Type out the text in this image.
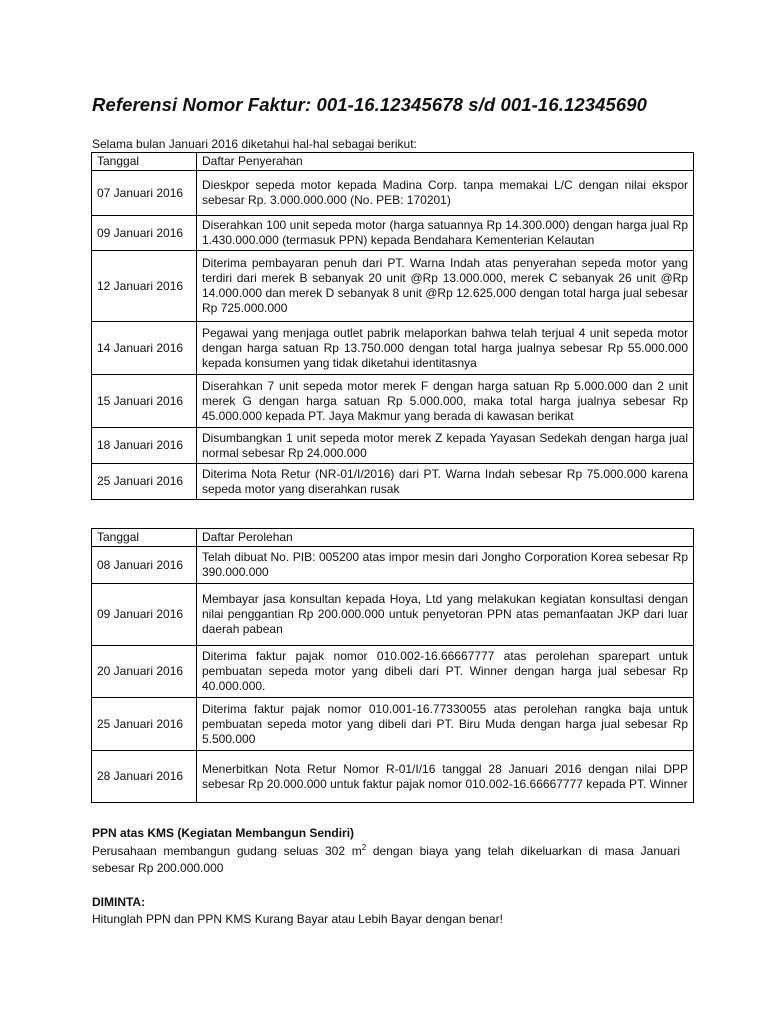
Referensi Nomor Faktur: 001-16.12345678 s/d 001-16.12345690
Selama bulan Januari 2016 diketahui hal-hal sebagai berikut:
Tanggal	Daftar Penyerahan
07 Januari 2016	Dieskpor sepeda motor kepada Madina Corp. tanpa memakai L/C dengan nilai ekspor sebesar Rp. 3.000.000.000 (No. PEB: 170201)
09 Januari 2016	Diserahkan 100 unit sepeda motor (harga satuannya Rp 14.300.000) dengan harga jual Rp 1.430.000.000 (termasuk PPN) kepada Bendahara Kementerian Kelautan
12 Januari 2016	Diterima pembayaran penuh dari PT. Warna Indah atas penyerahan sepeda motor yang terdiri dari merek B sebanyak 20 unit @Rp 13.000.000, merek C sebanyak 26 unit @Rp 14.000.000 dan merek D sebanyak 8 unit @Rp 12.625.000 dengan total harga jual sebesar Rp 725.000.000
14 Januari 2016	Pegawai yang menjaga outlet pabrik melaporkan bahwa telah terjual 4 unit sepeda motor dengan harga satuan Rp 13.750.000 dengan total harga jualnya sebesar Rp 55.000.000 kepada konsumen yang tidak diketahui identitasnya
15 Januari 2016	Diserahkan 7 unit sepeda motor merek F dengan harga satuan Rp 5.000.000 dan 2 unit merek G dengan harga satuan Rp 5.000.000, maka total harga jualnya sebesar Rp 45.000.000 kepada PT. Jaya Makmur yang berada di kawasan berikat
18 Januari 2016	Disumbangkan 1 unit sepeda motor merek Z kepada Yayasan Sedekah dengan harga jual normal sebesar Rp 24.000.000
25 Januari 2016	Diterima Nota Retur (NR-01/I/2016) dari PT. Warna Indah sebesar Rp 75.000.000 karena sepeda motor yang diserahkan rusak
Tanggal	Daftar Perolehan
08 Januari 2016	Telah dibuat No. PIB: 005200 atas impor mesin dari Jongho Corporation Korea sebesar Rp 390.000.000
09 Januari 2016	Membayar jasa konsultan kepada Hoya, Ltd yang melakukan kegiatan konsultasi dengan nilai penggantian Rp 200.000.000 untuk penyetoran PPN atas pemanfaatan JKP dari luar daerah pabean
20 Januari 2016	Diterima faktur pajak nomor 010.002-16.66667777 atas perolehan sparepart untuk pembuatan sepeda motor yang dibeli dari PT. Winner dengan harga jual sebesar Rp 40.000.000.
25 Januari 2016	Diterima faktur pajak nomor 010.001-16.77330055 atas perolehan rangka baja untuk pembuatan sepeda motor yang dibeli dari PT. Biru Muda dengan harga jual sebesar Rp 5.500.000
28 Januari 2016	Menerbitkan Nota Retur Nomor R-01/I/16 tanggal 28 Januari 2016 dengan nilai DPP sebesar Rp 20.000.000 untuk faktur pajak nomor 010.002-16.66667777 kepada PT. Winner
PPN atas KMS (Kegiatan Membangun Sendiri)
Perusahaan membangun gudang seluas 302 $m^2$ dengan biaya yang telah dikeluarkan di masa Januari sebesar Rp 200.000.000
DIMINTA:
Hitunglah PPN dan PPN KMS Kurang Bayar atau Lebih Bayar dengan benar!
